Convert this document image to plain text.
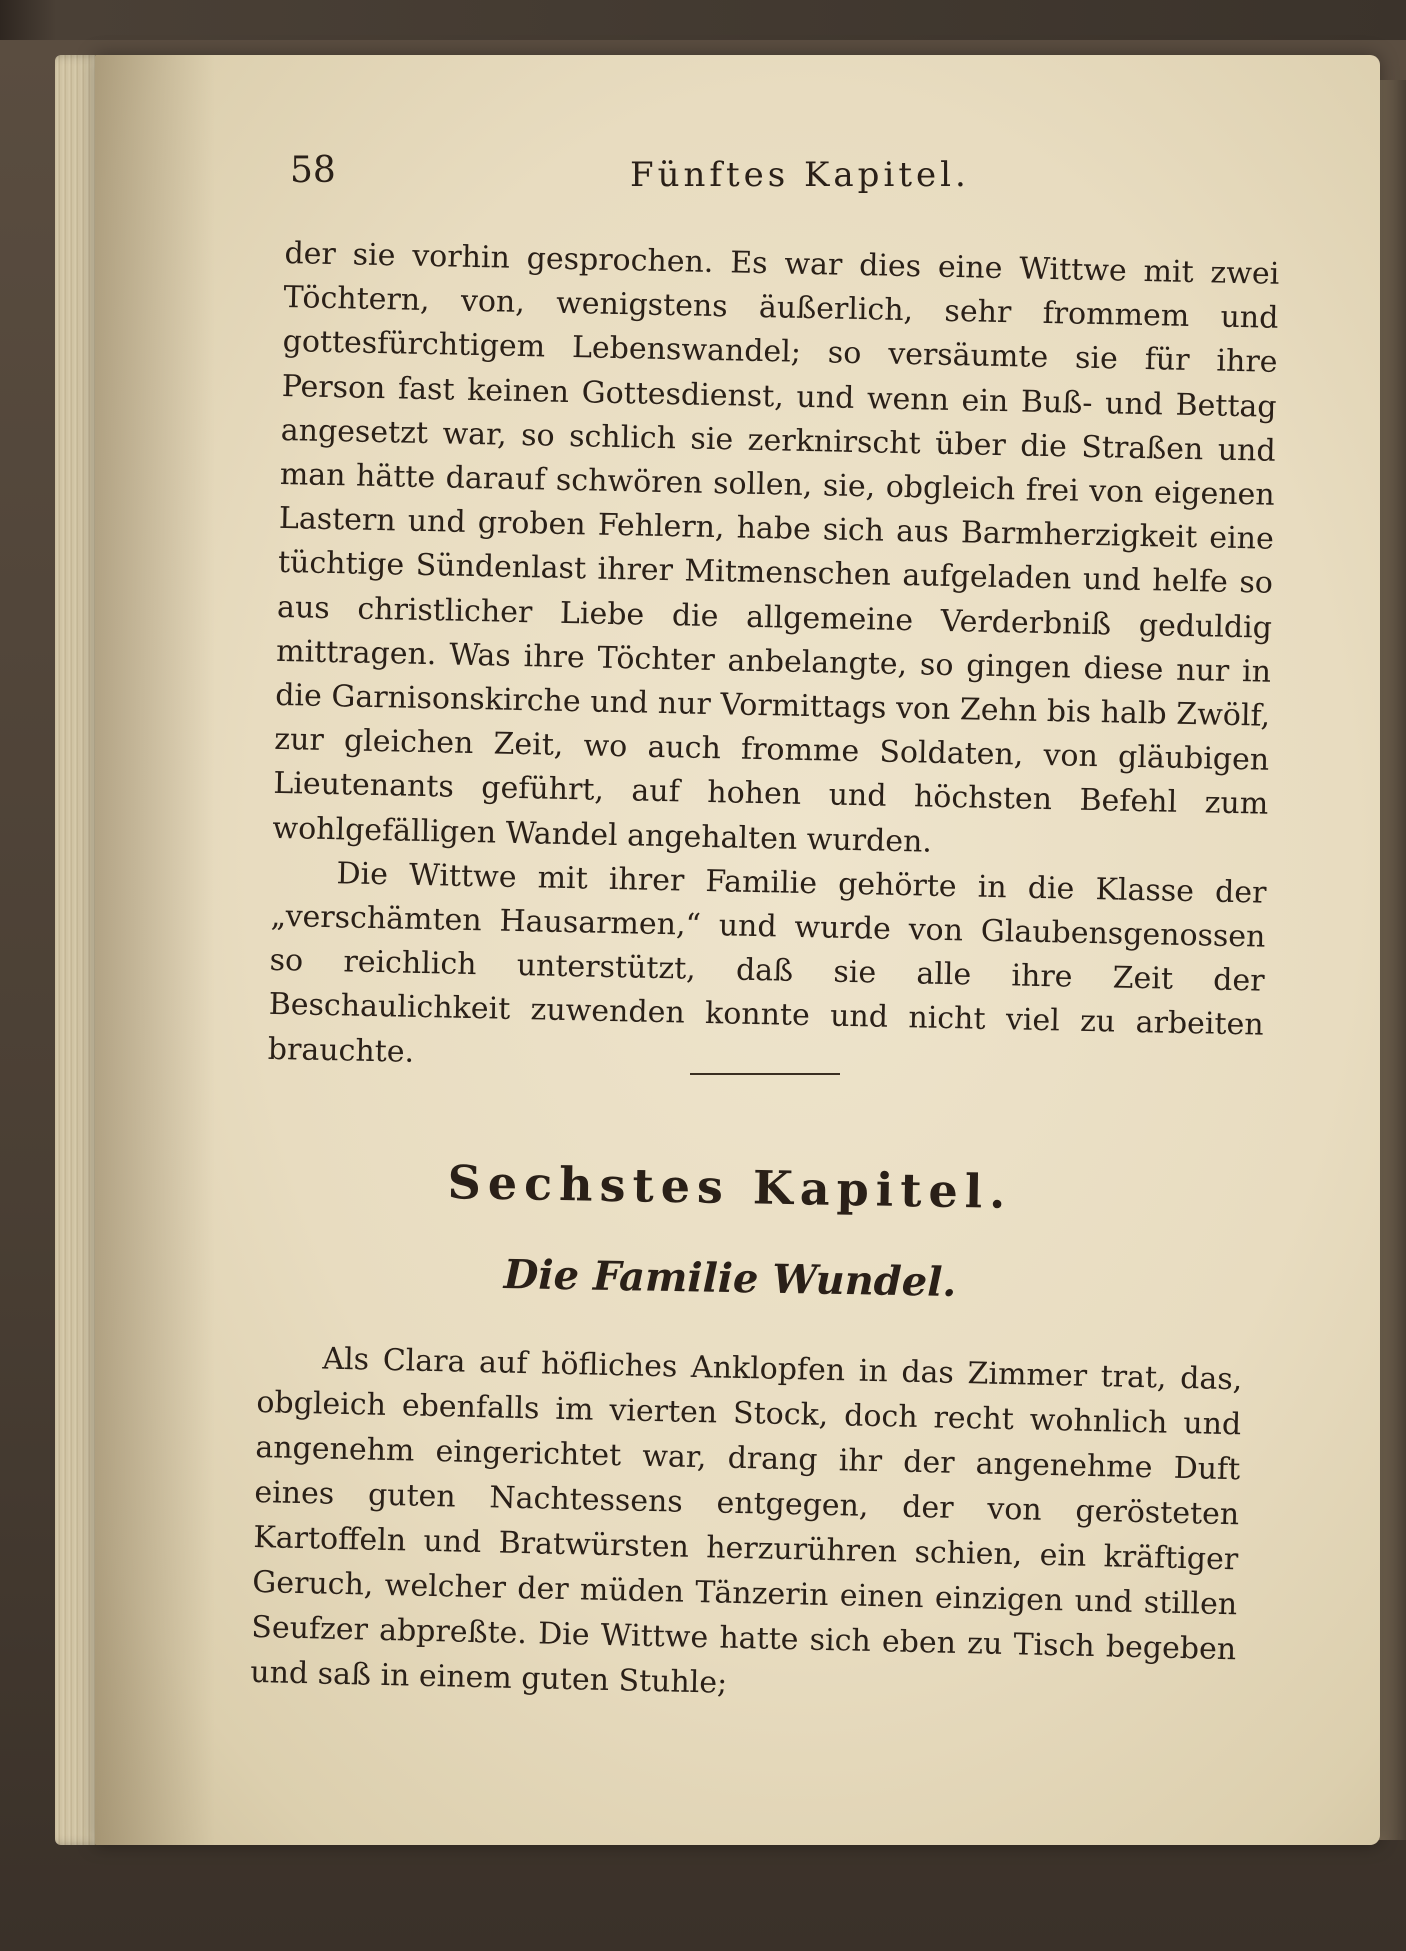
58	Fünftes Kapitel.

der sie vorhin gesprochen. Es war dies eine Wittwe mit zwei Töchtern, von, wenigstens äußerlich, sehr frommem und gottesfürchtigem Lebenswandel; so versäumte sie für ihre Person fast keinen Gottesdienst, und wenn ein Buß- und Bettag angesetzt war, so schlich sie zerknirscht über die Straßen und man hätte darauf schwören sollen, sie, obgleich frei von eigenen Lastern und groben Fehlern, habe sich aus Barmherzigkeit eine tüchtige Sündenlast ihrer Mitmenschen aufgeladen und helfe so aus christlicher Liebe die allgemeine Verderbniß geduldig mittragen. Was ihre Töchter anbelangte, so gingen diese nur in die Garnisonskirche und nur Vormittags von Zehn bis halb Zwölf, zur gleichen Zeit, wo auch fromme Soldaten, von gläubigen Lieutenants geführt, auf hohen und höchsten Befehl zum wohlgefälligen Wandel angehalten wurden.

Die Wittwe mit ihrer Familie gehörte in die Klasse der „verschämten Hausarmen,“ und wurde von Glaubensgenossen so reichlich unterstützt, daß sie alle ihre Zeit der Beschaulichkeit zuwenden konnte und nicht viel zu arbeiten brauchte.

Sechstes Kapitel.
Die Familie Wundel.

Als Clara auf höfliches Anklopfen in das Zimmer trat, das, obgleich ebenfalls im vierten Stock, doch recht wohnlich und angenehm eingerichtet war, drang ihr der angenehme Duft eines guten Nachtessens entgegen, der von gerösteten Kartoffeln und Bratwürsten herzurühren schien, ein kräftiger Geruch, welcher der müden Tänzerin einen einzigen und stillen Seufzer abpreßte. Die Wittwe hatte sich eben zu Tisch begeben und saß in einem guten Stuhle;
